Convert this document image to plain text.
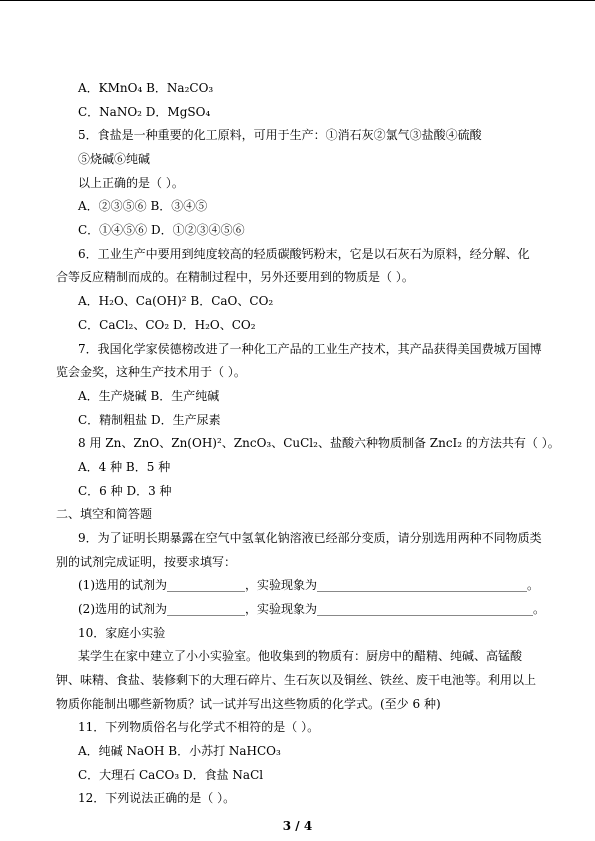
A．KMnO₄ B．Na₂CO₃
C．NaNO₂ D．MgSO₄
5．食盐是一种重要的化工原料，可用于生产：①消石灰②氯气③盐酸④硫酸
⑤烧碱⑥纯碱
以上正确的是（ ）。
A．②③⑤⑥ B．③④⑤
C．①④⑤⑥ D．①②③④⑤⑥
6．工业生产中要用到纯度较高的轻质碳酸钙粉末，它是以石灰石为原料，经分解、化
合等反应精制而成的。在精制过程中，另外还要用到的物质是（ ）。
A．H₂O、Ca(OH)² B．CaO、CO₂
C．CaCl₂、CO₂ D．H₂O、CO₂
7．我国化学家侯德榜改进了一种化工产品的工业生产技术，其产品获得美国费城万国博
览会金奖，这种生产技术用于（ ）。
A．生产烧碱 B．生产纯碱
C．精制粗盐 D．生产尿素
8 用 Zn、ZnO、Zn(OH)²、ZncO₃、CuCl₂、盐酸六种物质制备 ZncI₂ 的方法共有（ ）。
A．4 种 B．5 种
C．6 种 D．3 种
二、填空和简答题
9．为了证明长期暴露在空气中氢氧化钠溶液已经部分变质，请分别选用两种不同物质类
别的试剂完成证明，按要求填写：
(1)选用的试剂为_____________，实验现象为___________________________________。
(2)选用的试剂为_____________，实验现象为____________________________________。
10．家庭小实验
某学生在家中建立了小小实验室。他收集到的物质有：厨房中的醋精、纯碱、高锰酸
钾、味精、食盐、装修剩下的大理石碎片、生石灰以及铜丝、铁丝、废干电池等。利用以上
物质你能制出哪些新物质？试一试并写出这些物质的化学式。(至少 6 种)
11．下列物质俗名与化学式不相符的是（ ）。
A．纯碱 NaOH B．小苏打 NaHCO₃
C．大理石 CaCO₃ D．食盐 NaCl
12．下列说法正确的是（ ）。
3 / 4
